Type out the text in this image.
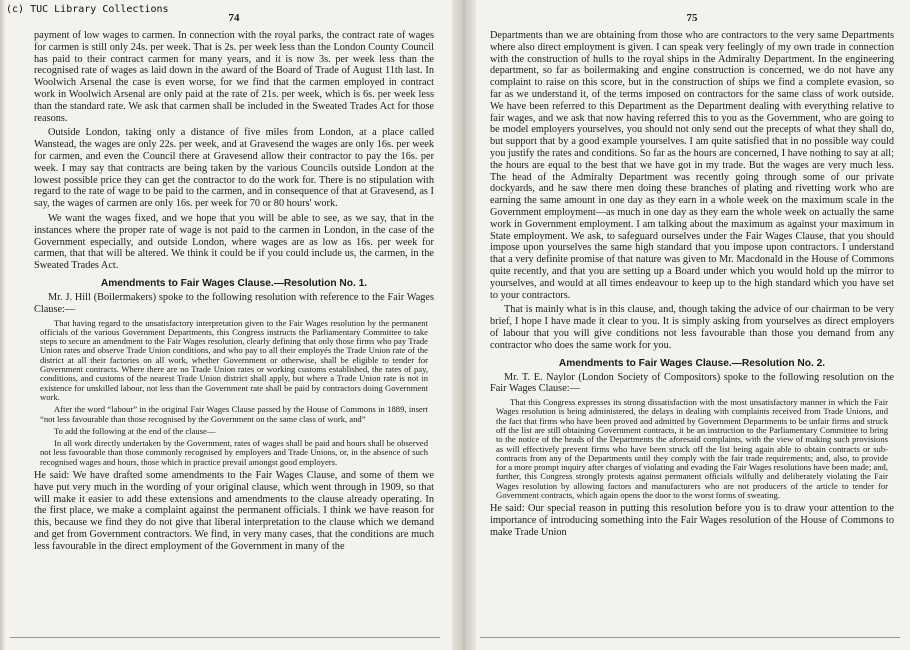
(c) TUC Library Collections
74

payment of low wages to carmen. In connection with the royal parks, the contract rate of wages for carmen is still only 24s. per week. That is 2s. per week less than the London County Council has paid to their contract carmen for many years, and it is now 3s. per week less than the recognised rate of wages as laid down in the award of the Board of Trade of August 11th last. In Woolwich Arsenal the case is even worse, for we find that the carmen employed in contract work in Woolwich Arsenal are only paid at the rate of 21s. per week, which is 6s. per week less than the standard rate. We ask that carmen shall be included in the Sweated Trades Act for those reasons.

Outside London, taking only a distance of five miles from London, at a place called Wanstead, the wages are only 22s. per week, and at Gravesend the wages are only 16s. per week for carmen, and even the Council there at Gravesend allow their contractor to pay the 16s. per week. I may say that contracts are being taken by the various Councils outside London at the lowest possible price they can get the contractor to do the work for. There is no stipulation with regard to the rate of wage to be paid to the carmen, and in consequence of that at Gravesend, as I say, the wages of carmen are only 16s. per week for 70 or 80 hours' work.

We want the wages fixed, and we hope that you will be able to see, as we say, that in the instances where the proper rate of wage is not paid to the carmen in London, in the case of the Government especially, and outside London, where wages are as low as 16s. per week for carmen, that that will be altered. We think it could be if you could include us, the carmen, in the Sweated Trades Act.

Amendments to Fair Wages Clause.—Resolution No. 1.

Mr. J. Hill (Boilermakers) spoke to the following resolution with reference to the Fair Wages Clause:—

That having regard to the unsatisfactory interpretation given to the Fair Wages resolution by the permanent officials of the various Government Departments, this Congress instructs the Parliamentary Committee to take steps to secure an amendment to the Fair Wages resolution, clearly defining that only those firms who pay Trade Union rates and observe Trade Union conditions, and who pay to all their employés the Trade Union rate of the district at all their factories on all work, whether Government or otherwise, shall be eligible to tender for Government contracts. Where there are no Trade Union rates or working customs established, the rates of pay, conditions, and customs of the nearest Trade Union district shall apply, but where a Trade Union rate is not in existence for unskilled labour, not less than the Government rate shall be paid by contractors doing Government work.

After the word “labour” in the original Fair Wages Clause passed by the House of Commons in 1889, insert “not less favourable than those recognised by the Government on the same class of work, and”

To add the following at the end of the clause—

In all work directly undertaken by the Government, rates of wages shall be paid and hours shall be observed not less favourable than those commonly recognised by employers and Trade Unions, or, in the absence of such recognised wages and hours, those which in practice prevail amongst good employers.

He said: We have drafted some amendments to the Fair Wages Clause, and some of them we have put very much in the wording of your original clause, which went through in 1909, so that will make it easier to add these extensions and amendments to the clause already operating. In the first place, we make a complaint against the permanent officials. I think we have reason for this, because we find they do not give that liberal interpretation to the clause which we demand and get from Government contractors. We find, in very many cases, that the conditions are much less favourable in the direct employment of the Government in many of the

75

Departments than we are obtaining from those who are contractors to the very same Departments where also direct employment is given. I can speak very feelingly of my own trade in connection with the construction of hulls to the royal ships in the Admiralty Department. In the engineering department, so far as boilermaking and engine construction is concerned, we do not have any complaint to raise on this score, but in the construction of ships we find a complete evasion, so far as we understand it, of the terms imposed on contractors for the same class of work outside. We have been referred to this Department as the Department dealing with everything relative to fair wages, and we ask that now having referred this to you as the Government, who are going to be model employers yourselves, you should not only send out the precepts of what they shall do, but support that by a good example yourselves. I am quite satisfied that in no possible way could you justify the rates and conditions. So far as the hours are concerned, I have nothing to say at all; the hours are equal to the best that we have got in my trade. But the wages are very much less. The head of the Admiralty Department was recently going through some of our private dockyards, and he saw there men doing these branches of plating and rivetting work who are earning the same amount in one day as they earn in a whole week on the maximum scale in the Government employment—as much in one day as they earn the whole week on actually the same work in Government employment. I am talking about the maximum as against your maximum in State employment. We ask, to safeguard ourselves under the Fair Wages Clause, that you should impose upon yourselves the same high standard that you impose upon contractors. I understand that a very definite promise of that nature was given to Mr. Macdonald in the House of Commons quite recently, and that you are setting up a Board under which you would hold up the mirror to yourselves, and would at all times endeavour to keep up to the high standard which you have set to your contractors.

That is mainly what is in this clause, and, though taking the advice of our chairman to be very brief, I hope I have made it clear to you. It is simply asking from yourselves as direct employers of labour that you will give conditions not less favourable than those you demand from any contractor who does the same work for you.

Amendments to Fair Wages Clause.—Resolution No. 2.

Mr. T. E. Naylor (London Society of Compositors) spoke to the following resolution on the Fair Wages Clause:—

That this Congress expresses its strong dissatisfaction with the most unsatisfactory manner in which the Fair Wages resolution is being administered, the delays in dealing with complaints received from Trade Unions, and the fact that firms who have been proved and admitted by Government Departments to be unfair firms and struck off the list are still obtaining Government contracts, it be an instruction to the Parliamentary Committee to bring to the notice of the heads of the Departments the aforesaid complaints, with the view of making such provisions as will effectively prevent firms who have been struck off the list being again able to obtain contracts or sub-contracts from any of the Departments until they comply with the fair trade requirements; and, also, to provide for a more prompt inquiry after charges of violating and evading the Fair Wages resolutions have been made; and, further, this Congress strongly protests against permanent officials wilfully and deliberately violating the Fair Wages resolution by allowing factors and manufacturers who are not producers of the article to tender for Government contracts, which again opens the door to the worst forms of sweating.

He said: Our special reason in putting this resolution before you is to draw your attention to the importance of introducing something into the Fair Wages resolution of the House of Commons to make Trade Union
